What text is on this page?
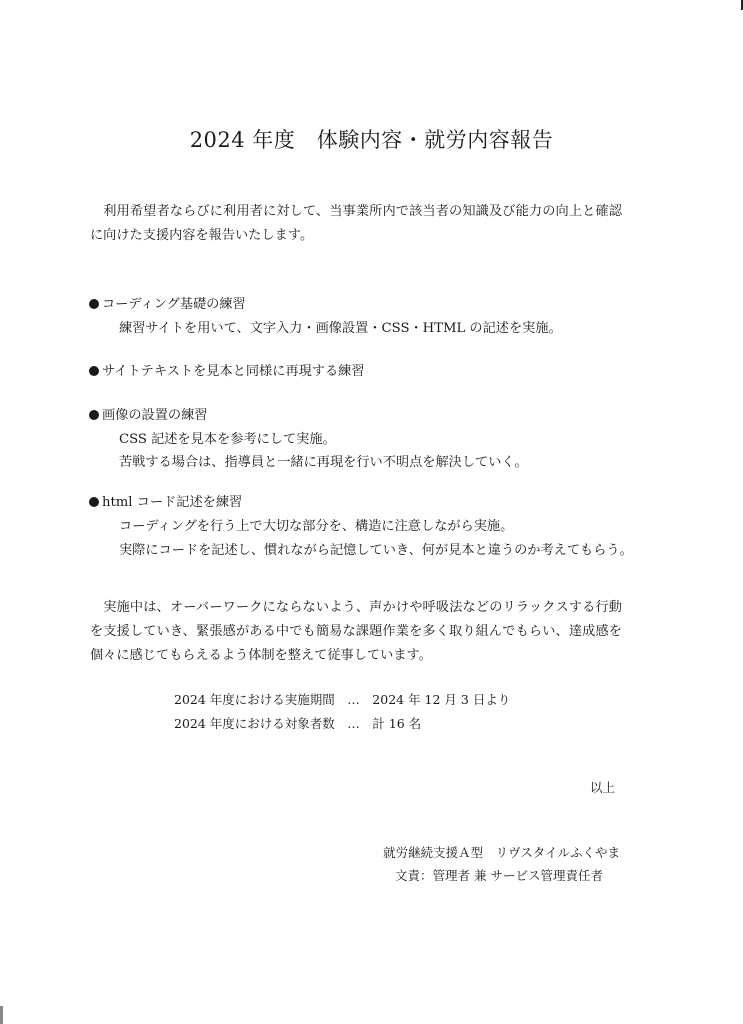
2024 年度　体験内容・就労内容報告
利用希望者ならびに利用者に対して、当事業所内で該当者の知識及び能力の向上と確認に向けた支援内容を報告いたします。
コーディング基礎の練習
練習サイトを用いて、文字入力・画像設置・CSS・HTML の記述を実施。
サイトテキストを見本と同様に再現する練習
画像の設置の練習
CSS 記述を見本を参考にして実施。
苦戦する場合は、指導員と一緒に再現を行い不明点を解決していく。
html コード記述を練習
コーディングを行う上で大切な部分を、構造に注意しながら実施。
実際にコードを記述し、慣れながら記憶していき、何が見本と違うのか考えてもらう。
実施中は、オーバーワークにならないよう、声かけや呼吸法などのリラックスする行動を支援していき、緊張感がある中でも簡易な課題作業を多く取り組んでもらい、達成感を個々に感じてもらえるよう体制を整えて従事しています。
2024 年度における実施期間　…　2024 年 12 月 3 日より
2024 年度における対象者数　…　計 16 名
以上
就労継続支援Ａ型　リヴスタイルふくやま
文責：管理者 兼 サービス管理責任者
